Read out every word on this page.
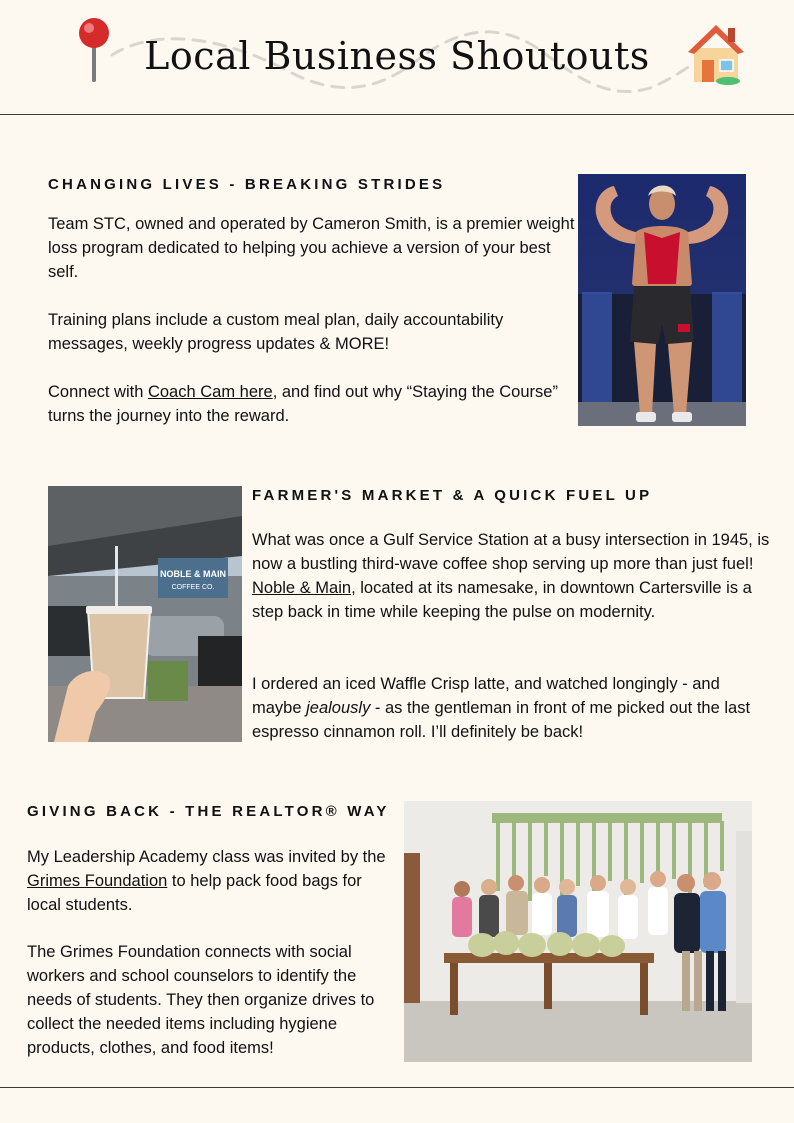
Local Business Shoutouts
CHANGING LIVES - BREAKING STRIDES

Team STC, owned and operated by Cameron Smith, is a premier weight loss program dedicated to helping you achieve a version of your best self.

Training plans include a custom meal plan, daily accountability messages, weekly progress updates & MORE!

Connect with Coach Cam here, and find out why “Staying the Course” turns the journey into the reward.

NOBLE & MAIN
COFFEE CO.
FARMER'S MARKET & A QUICK FUEL UP

What was once a Gulf Service Station at a busy intersection in 1945, is now a bustling third-wave coffee shop serving up more than just fuel! Noble & Main, located at its namesake, in downtown Cartersville is a step back in time while keeping the pulse on modernity.

I ordered an iced Waffle Crisp latte, and watched longingly - and maybe jealously - as the gentleman in front of me picked out the last espresso cinnamon roll. I’ll definitely be back!

GIVING BACK - THE REALTOR® WAY

My Leadership Academy class was invited by the Grimes Foundation to help pack food bags for local students.

The Grimes Foundation connects with social workers and school counselors to identify the needs of students. They then organize drives to collect the needed items including hygiene products, clothes, and food items!
